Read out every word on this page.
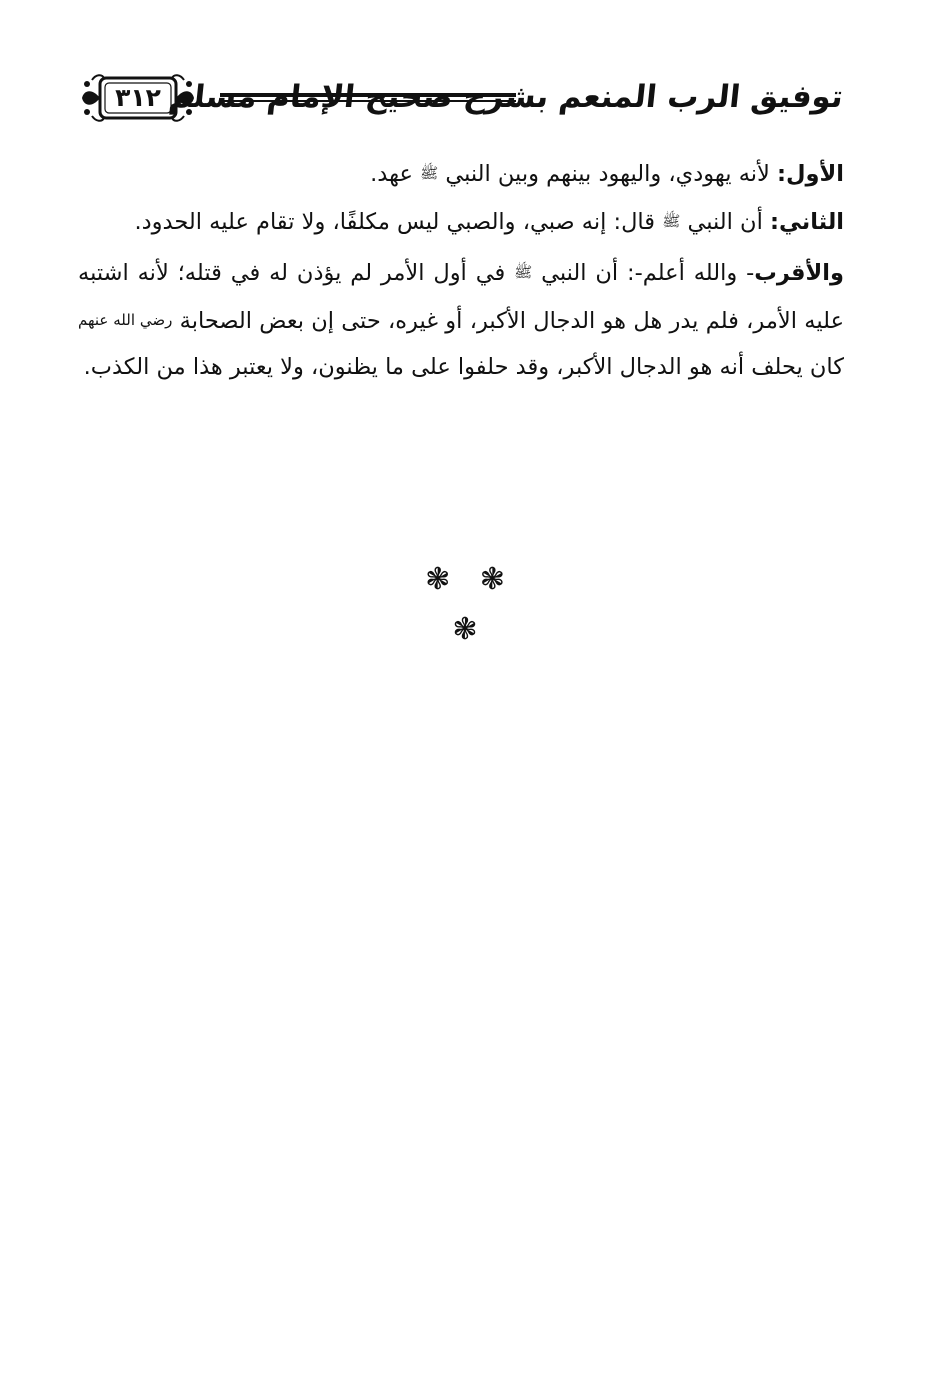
٣١٢ توفيق الرب المنعم بشرح صحيح الإمام مسلم

الأول: لأنه يهودي، واليهود بينهم وبين النبي ﷺ عهد.

الثاني: أن النبي ﷺ قال: إنه صبي، والصبي ليس مكلفًا، ولا تقام عليه الحدود.

والأقرب- والله أعلم-: أن النبي ﷺ في أول الأمر لم يؤذن له في قتله؛ لأنه اشتبه عليه الأمر، فلم يدر هل هو الدجال الأكبر، أو غيره، حتى إن بعض الصحابة رضي الله عنهم كان يحلف أنه هو الدجال الأكبر، وقد حلفوا على ما يظنون، ولا يعتبر هذا من الكذب.

❃ ❃ ❃
